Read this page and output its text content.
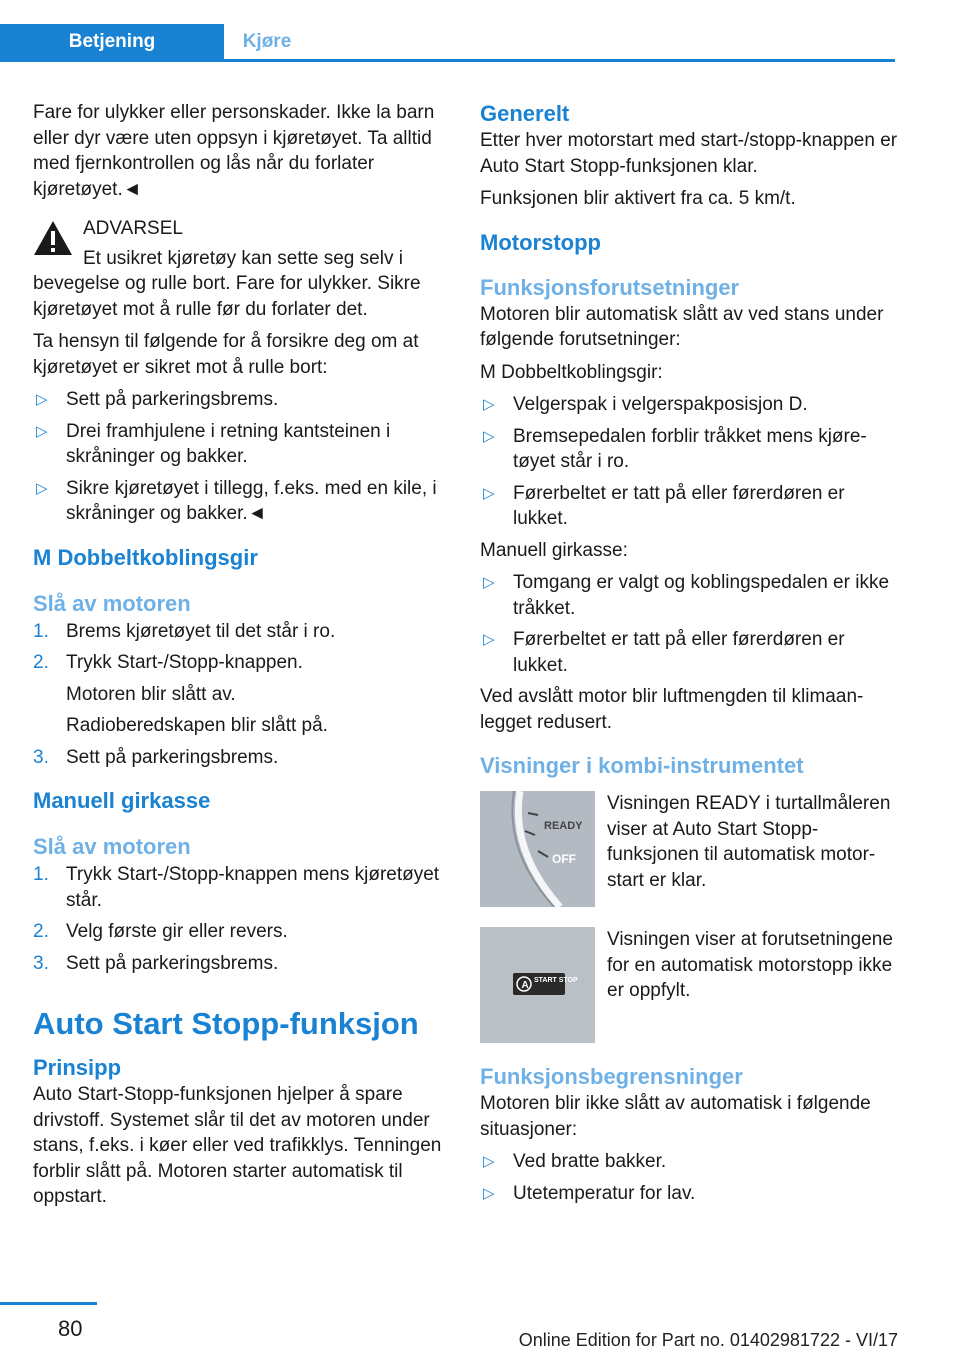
Betjening	Kjøre

Fare for ulykker eller personskader. Ikke la barn eller dyr være uten oppsyn i kjøretøyet. Ta alltid med fjernkontrollen og lås når du forlater kjøretøyet.◄

ADVARSEL

Et usikret kjøretøy kan sette seg selv i bevegelse og rulle bort. Fare for ulykker. Sikre kjøretøyet mot å rulle før du forlater det.

Ta hensyn til følgende for å forsikre deg om at kjøretøyet er sikret mot å rulle bort:

▷ Sett på parkeringsbrems.
▷ Drei framhjulene i retning kantsteinen i skråninger og bakker.
▷ Sikre kjøretøyet i tillegg, f.eks. med en kile, i skråninger og bakker.◄
M Dobbeltkoblingsgir
Slå av motoren
1. Brems kjøretøyet til det står i ro.
2. Trykk Start-/Stopp-knappen.
Motoren blir slått av.
Radioberedskapen blir slått på.
3. Sett på parkeringsbrems.
Manuell girkasse
Slå av motoren
1. Trykk Start-/Stopp-knappen mens kjøretøyet står.
2. Velg første gir eller revers.
3. Sett på parkeringsbrems.
Auto Start Stopp-funksjon
Prinsipp

Auto Start-Stopp-funksjonen hjelper å spare drivstoff. Systemet slår til det av motoren under stans, f.eks. i køer eller ved trafikklys. Tenningen forblir slått på. Motoren starter automatisk til oppstart.

Generelt

Etter hver motorstart med start-/stopp-knappen er Auto Start Stopp-funksjonen klar.

Funksjonen blir aktivert fra ca. 5 km/t.

Motorstopp
Funksjonsforutsetninger

Motoren blir automatisk slått av ved stans under følgende forutsetninger:

M Dobbeltkoblingsgir:

▷ Velgerspak i velgerspakposisjon D.
▷ Bremsepedalen forblir tråkket mens kjøretøyet står i ro.
▷ Førerbeltet er tatt på eller førerdøren er lukket.

Manuell girkasse:

▷ Tomgang er valgt og koblingspedalen er ikke tråkket.
▷ Førerbeltet er tatt på eller førerdøren er lukket.

Ved avslått motor blir luftmengden til klimaanlegget redusert.

Visninger i kombi-instrumentet
READY
OFF

Visningen READY i turtallmåleren viser at Auto Start Stopp-funksjonen til automatisk motorstart er klar.

A START STOP

Visningen viser at forutsetningene for en automatisk motorstopp ikke er oppfylt.

Funksjonsbegrensninger

Motoren blir ikke slått av automatisk i følgende situasjoner:

▷ Ved bratte bakker.
▷ Utetemperatur for lav.
80	Online Edition for Part no. 01402981722 - VI/17
